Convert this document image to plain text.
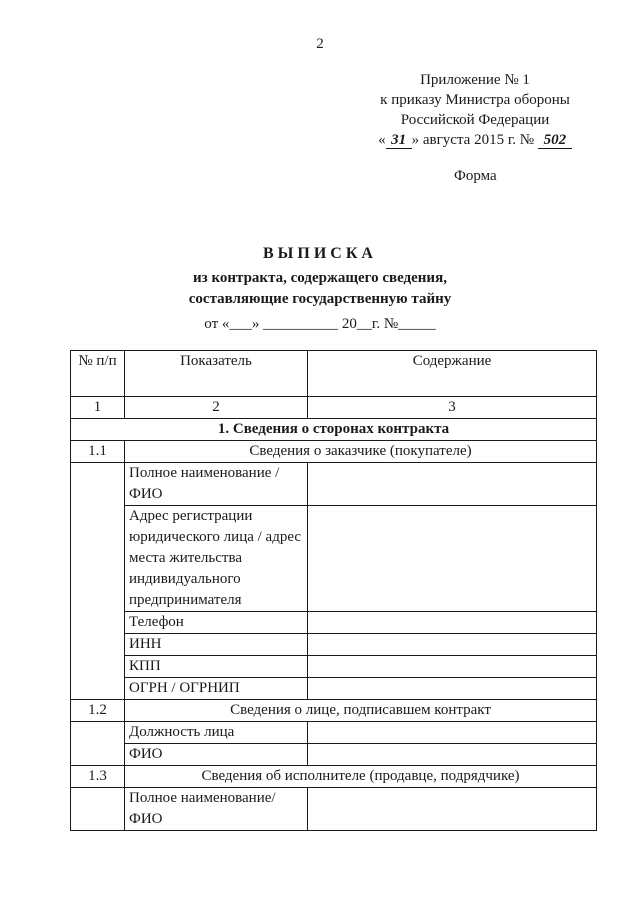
2
Приложение № 1
к приказу Министра обороны
Российской Федерации
« 31 » августа 2015 г. № 502
Форма
ВЫПИСКА
из контракта, содержащего сведения,
составляющие государственную тайну
от «___» __________ 20__г. №_____
№ п/п	Показатель	Содержание
1	2	3
1. Сведения о сторонах контракта		
1.1	Сведения о заказчике (покупателе)	
	Полное наименование /ФИО	
	Адрес регистрации юридического лица / адрес места жительства индивидуального предпринимателя	
	Телефон	
	ИНН	
	КПП	
	ОГРН / ОГРНИП	
1.2	Сведения о лице, подписавшем контракт	
	Должность лица	
	ФИО	
1.3	Сведения об исполнителе (продавце, подрядчике)	
	Полное наименование/ ФИО	
